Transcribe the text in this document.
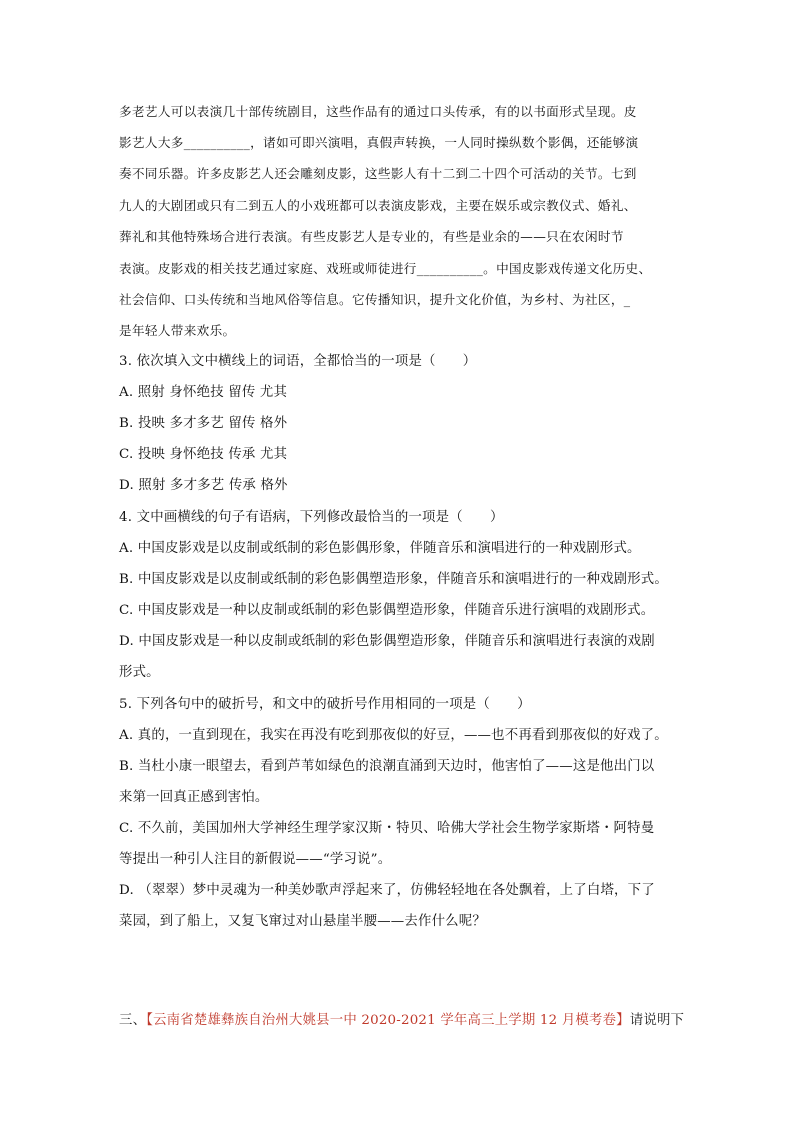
多老艺人可以表演几十部传统剧目，这些作品有的通过口头传承，有的以书面形式呈现。皮
影艺人大多__________，诸如可即兴演唱，真假声转换，一人同时操纵数个影偶，还能够演
奏不同乐器。许多皮影艺人还会雕刻皮影，这些影人有十二到二十四个可活动的关节。七到
九人的大剧团或只有二到五人的小戏班都可以表演皮影戏，主要在娱乐或宗教仪式、婚礼、
葬礼和其他特殊场合进行表演。有些皮影艺人是专业的，有些是业余的——只在农闲时节
表演。皮影戏的相关技艺通过家庭、戏班或师徒进行__________。中国皮影戏传递文化历史、
社会信仰、口头传统和当地风俗等信息。它传播知识，提升文化价值，为乡村、为社区，_
是年轻人带来欢乐。
3. 依次填入文中横线上的词语，全都恰当的一项是（　　）
A. 照射 身怀绝技 留传 尤其
B. 投映 多才多艺 留传 格外
C. 投映 身怀绝技 传承 尤其
D. 照射 多才多艺 传承 格外
4. 文中画横线的句子有语病，下列修改最恰当的一项是（　　）
A. 中国皮影戏是以皮制或纸制的彩色影偶形象，伴随音乐和演唱进行的一种戏剧形式。
B. 中国皮影戏是以皮制或纸制的彩色影偶塑造形象，伴随音乐和演唱进行的一种戏剧形式。
C. 中国皮影戏是一种以皮制或纸制的彩色影偶塑造形象，伴随音乐进行演唱的戏剧形式。
D. 中国皮影戏是一种以皮制或纸制的彩色影偶塑造形象，伴随音乐和演唱进行表演的戏剧
形式。
5. 下列各句中的破折号，和文中的破折号作用相同的一项是（　　）
A. 真的，一直到现在，我实在再没有吃到那夜似的好豆，——也不再看到那夜似的好戏了。
B. 当杜小康一眼望去，看到芦苇如绿色的浪潮直涌到天边时，他害怕了——这是他出门以
来第一回真正感到害怕。
C. 不久前，美国加州大学神经生理学家汉斯・特贝、哈佛大学社会生物学家斯塔・阿特曼
等提出一种引人注目的新假说——“学习说”。
D. （翠翠）梦中灵魂为一种美妙歌声浮起来了，仿佛轻轻地在各处飘着，上了白塔，下了
菜园，到了船上，又复飞窜过对山悬崖半腰——去作什么呢？
三、【云南省楚雄彝族自治州大姚县一中 2020-2021 学年高三上学期 12 月模考卷】请说明下
